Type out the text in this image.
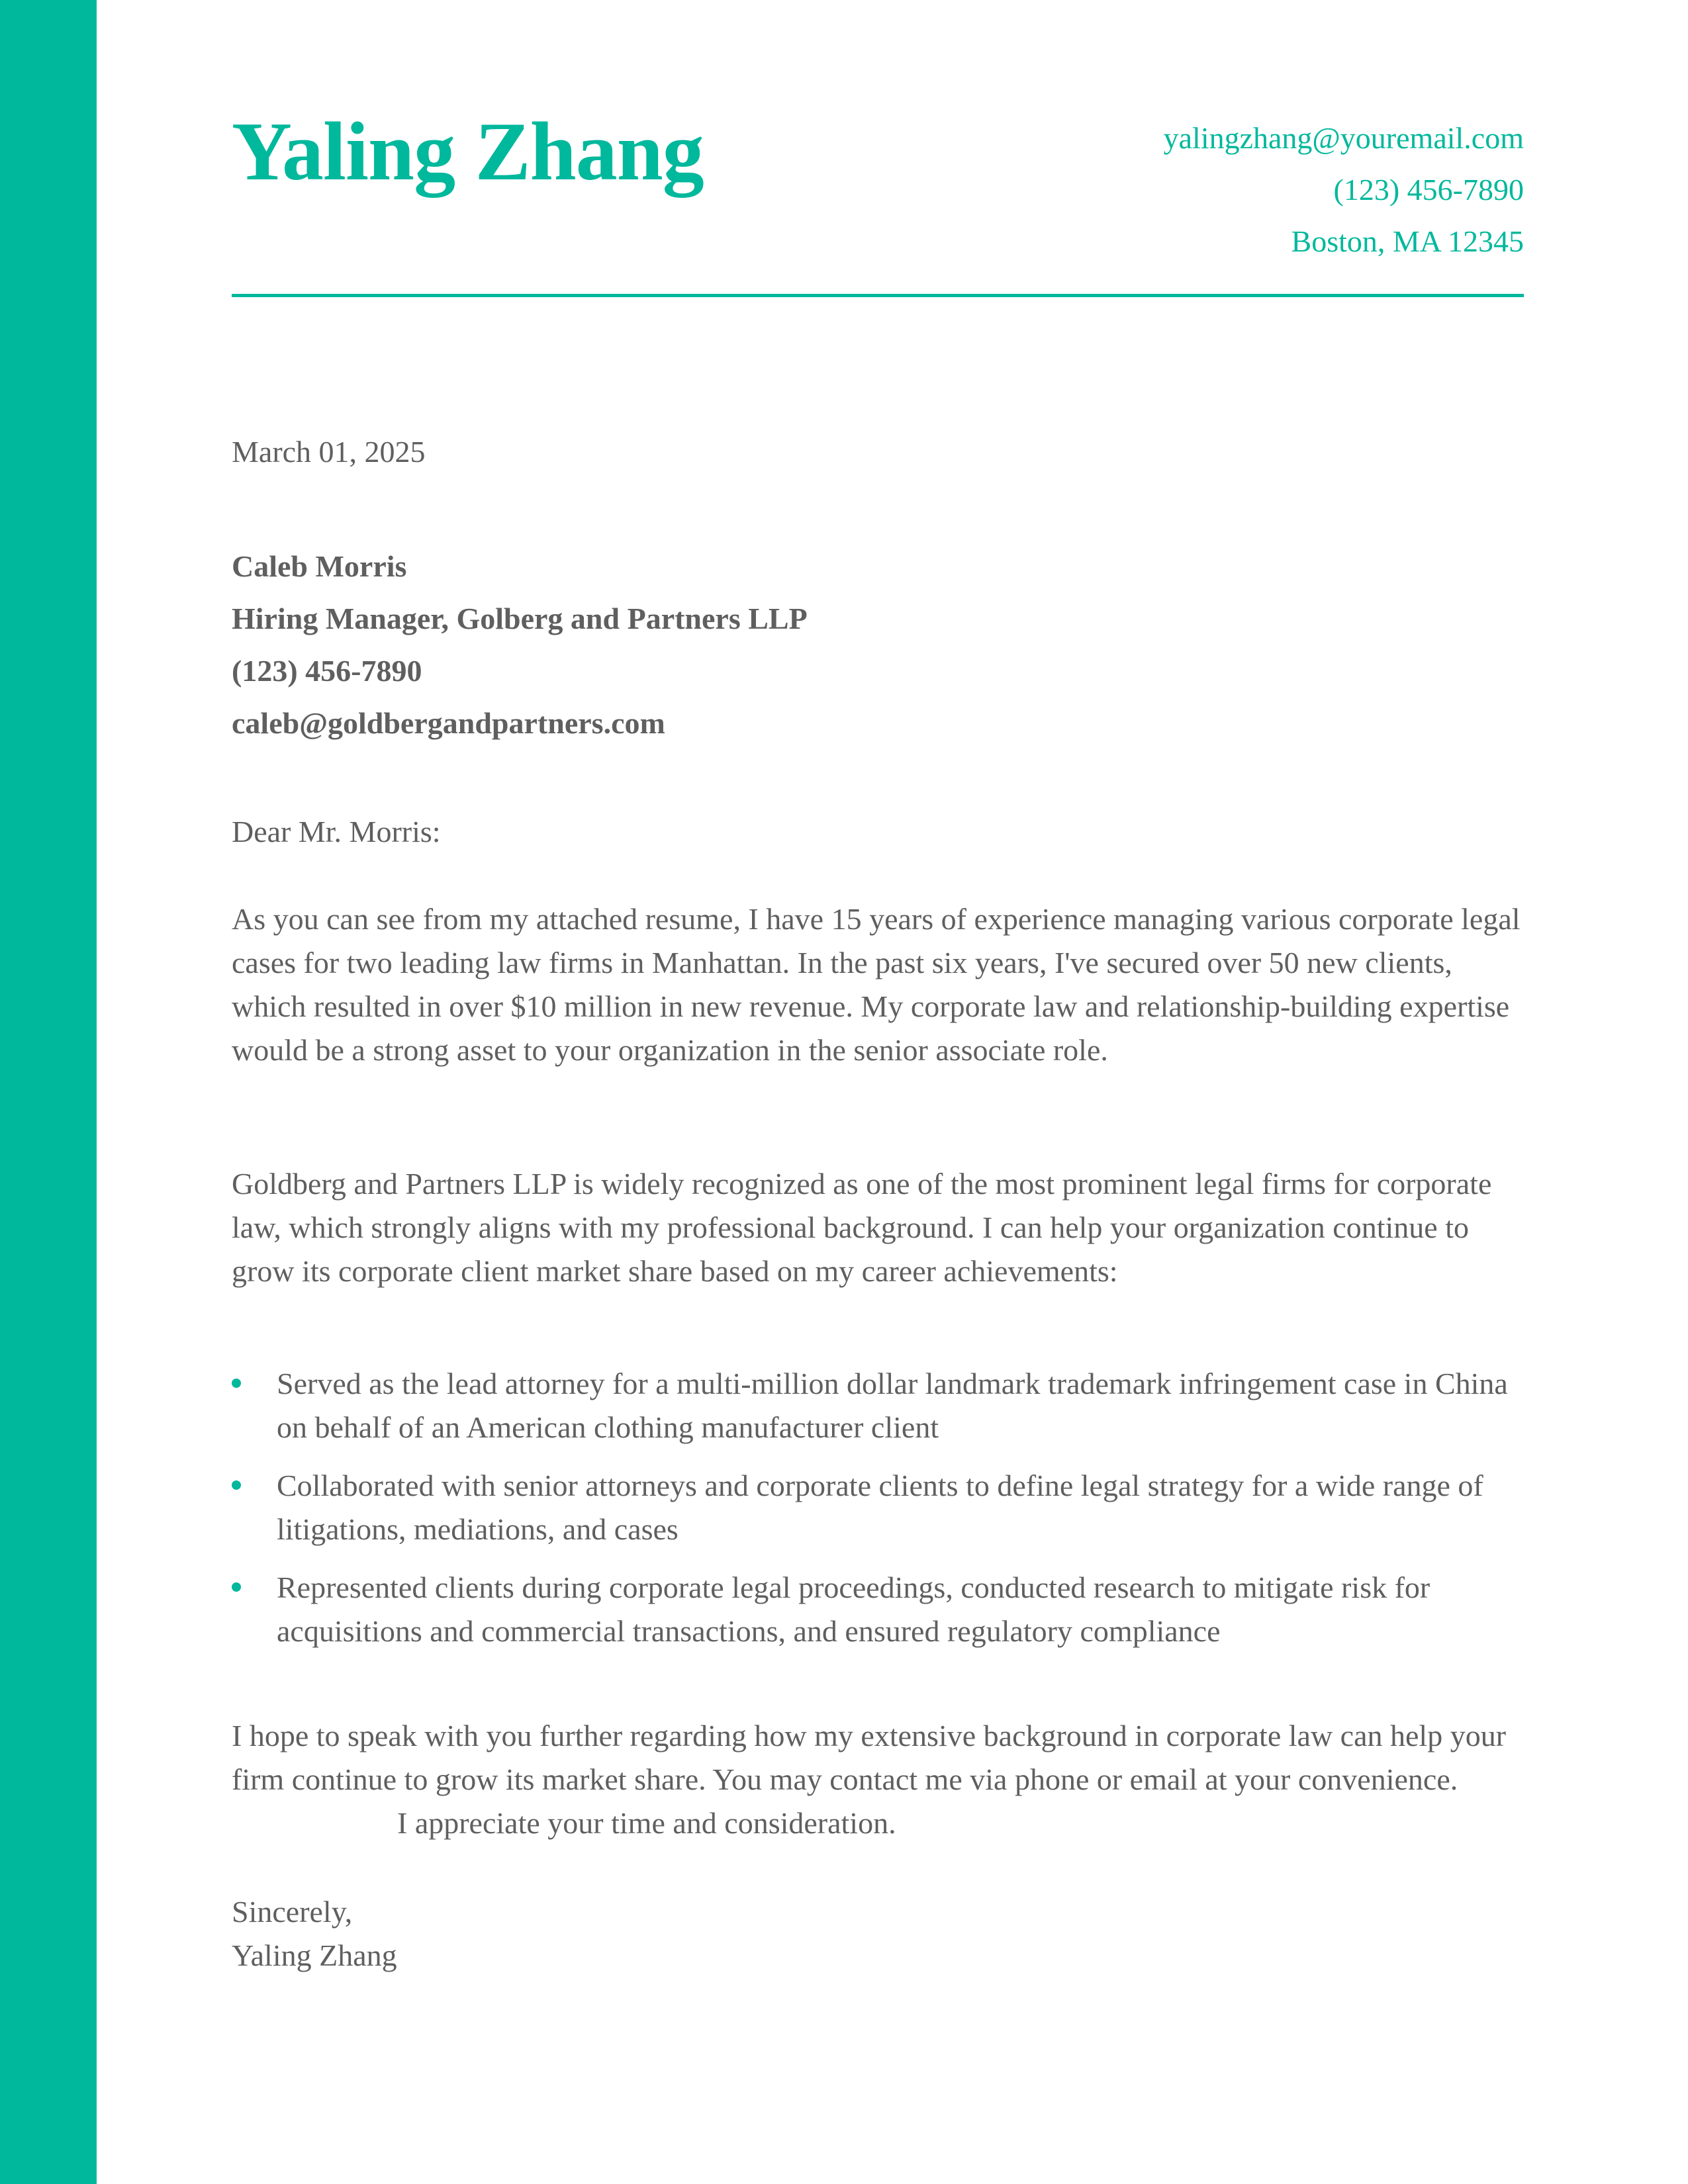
Yaling Zhang	yalingzhang@youremail.com
(123) 456-7890
Boston, MA 12345
March 01, 2025
Caleb Morris
Hiring Manager, Golberg and Partners LLP
(123) 456-7890
caleb@goldbergandpartners.com
Dear Mr. Morris:

As you can see from my attached resume, I have 15 years of experience managing various corporate legal cases for two leading law firms in Manhattan. In the past six years, I've secured over 50 new clients, which resulted in over $10 million in new revenue. My corporate law and relationship-building expertise would be a strong asset to your organization in the senior associate role.

Goldberg and Partners LLP is widely recognized as one of the most prominent legal firms for corporate law, which strongly aligns with my professional background. I can help your organization continue to grow its corporate client market share based on my career achievements:

Served as the lead attorney for a multi-million dollar landmark trademark infringement case in China on behalf of an American clothing manufacturer client
Collaborated with senior attorneys and corporate clients to define legal strategy for a wide range of litigations, mediations, and cases
Represented clients during corporate legal proceedings, conducted research to mitigate risk for acquisitions and commercial transactions, and ensured regulatory compliance

I hope to speak with you further regarding how my extensive background in corporate law can help your firm continue to grow its market share. You may contact me via phone or email at your convenience.I appreciate your time and consideration.

Sincerely,
Yaling Zhang
